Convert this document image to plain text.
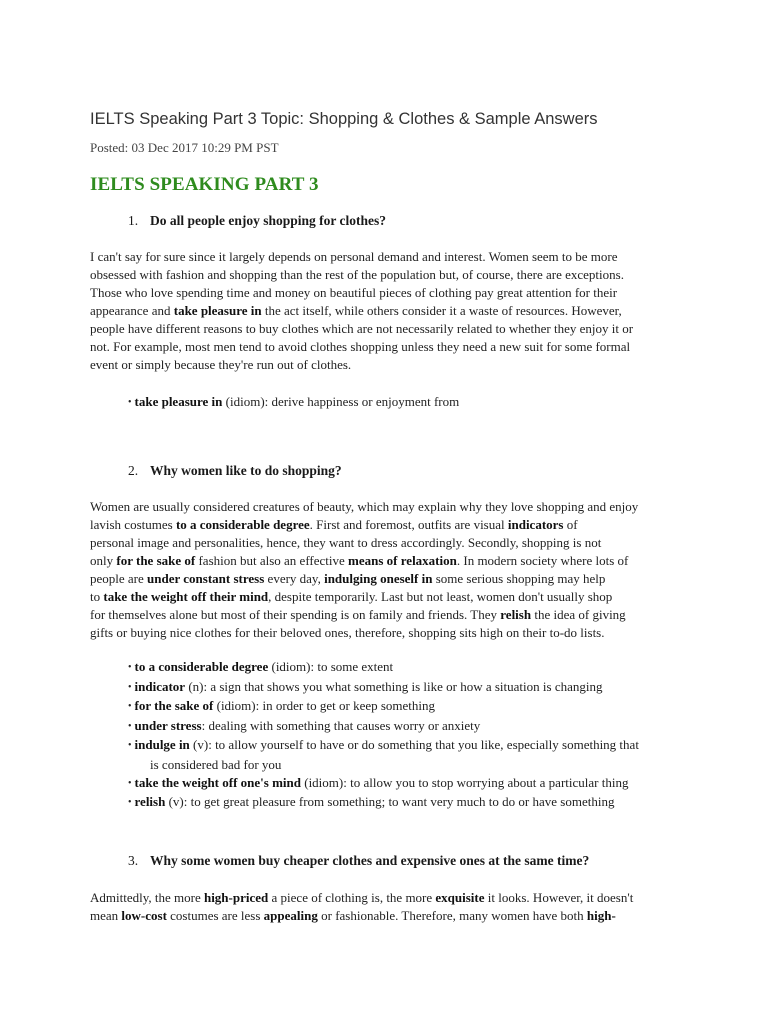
IELTS Speaking Part 3 Topic: Shopping & Clothes & Sample Answers
Posted: 03 Dec 2017 10:29 PM PST
IELTS SPEAKING PART 3
1. Do all people enjoy shopping for clothes?
I can't say for sure since it largely depends on personal demand and interest. Women seem to be more
obsessed with fashion and shopping than the rest of the population but, of course, there are exceptions.
Those who love spending time and money on beautiful pieces of clothing pay great attention for their
appearance and take pleasure in the act itself, while others consider it a waste of resources. However,
people have different reasons to buy clothes which are not necessarily related to whether they enjoy it or
not. For example, most men tend to avoid clothes shopping unless they need a new suit for some formal
event or simply because they're run out of clothes.
• take pleasure in (idiom): derive happiness or enjoyment from
2. Why women like to do shopping?
Women are usually considered creatures of beauty, which may explain why they love shopping and enjoy
lavish costumes to a considerable degree. First and foremost, outfits are visual indicators of
personal image and personalities, hence, they want to dress accordingly. Secondly, shopping is not
only for the sake of fashion but also an effective means of relaxation. In modern society where lots of
people are under constant stress every day, indulging oneself in some serious shopping may help
to take the weight off their mind, despite temporarily. Last but not least, women don't usually shop
for themselves alone but most of their spending is on family and friends. They relish the idea of giving
gifts or buying nice clothes for their beloved ones, therefore, shopping sits high on their to-do lists.
• to a considerable degree (idiom): to some extent
• indicator (n): a sign that shows you what something is like or how a situation is changing
• for the sake of (idiom): in order to get or keep something
• under stress: dealing with something that causes worry or anxiety
• indulge in (v): to allow yourself to have or do something that you like, especially something that
is considered bad for you
• take the weight off one's mind (idiom): to allow you to stop worrying about a particular thing
• relish (v): to get great pleasure from something; to want very much to do or have something
3. Why some women buy cheaper clothes and expensive ones at the same time?
Admittedly, the more high-priced a piece of clothing is, the more exquisite it looks. However, it doesn't
mean low-cost costumes are less appealing or fashionable. Therefore, many women have both high-
